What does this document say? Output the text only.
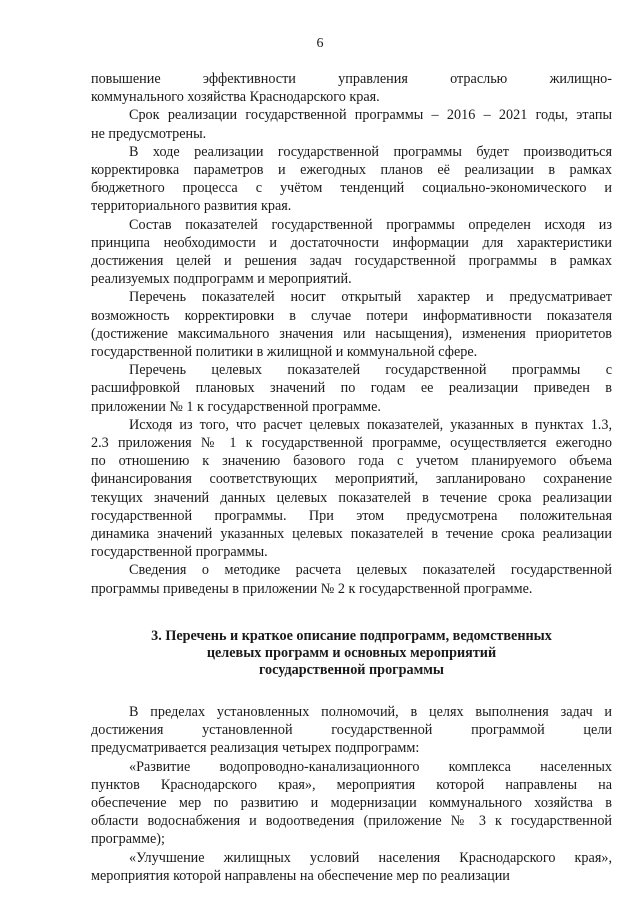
6
повышение эффективности управления отраслью жилищно-
коммунального хозяйства Краснодарского края.
Срок реализации государственной программы – 2016 – 2021 годы, этапы
не предусмотрены.
В ходе реализации государственной программы будет производиться
корректировка параметров и ежегодных планов её реализации в рамках
бюджетного процесса с учётом тенденций социально-экономического и
территориального развития края.
Состав показателей государственной программы определен исходя из
принципа необходимости и достаточности информации для характеристики
достижения целей и решения задач государственной программы в рамках
реализуемых подпрограмм и мероприятий.
Перечень показателей носит открытый характер и предусматривает
возможность корректировки в случае потери информативности показателя
(достижение максимального значения или насыщения), изменения приоритетов
государственной политики в жилищной и коммунальной сфере.
Перечень целевых показателей государственной программы с
расшифровкой плановых значений по годам ее реализации приведен в
приложении № 1 к государственной программе.
Исходя из того, что расчет целевых показателей, указанных в пунктах 1.3,
2.3 приложения № 1 к государственной программе, осуществляется ежегодно
по отношению к значению базового года с учетом планируемого объема
финансирования соответствующих мероприятий, запланировано сохранение
текущих значений данных целевых показателей в течение срока реализации
государственной программы. При этом предусмотрена положительная
динамика значений указанных целевых показателей в течение срока реализации
государственной программы.
Сведения о методике расчета целевых показателей государственной
программы приведены в приложении № 2 к государственной программе.
3. Перечень и краткое описание подпрограмм, ведомственных
целевых программ и основных мероприятий
государственной программы
В пределах установленных полномочий, в целях выполнения задач и
достижения установленной государственной программой цели
предусматривается реализация четырех подпрограмм:
«Развитие водопроводно-канализационного комплекса населенных
пунктов Краснодарского края», мероприятия которой направлены на
обеспечение мер по развитию и модернизации коммунального хозяйства в
области водоснабжения и водоотведения (приложение № 3 к государственной
программе);
«Улучшение жилищных условий населения Краснодарского края»,
мероприятия которой направлены на обеспечение мер по реализации
